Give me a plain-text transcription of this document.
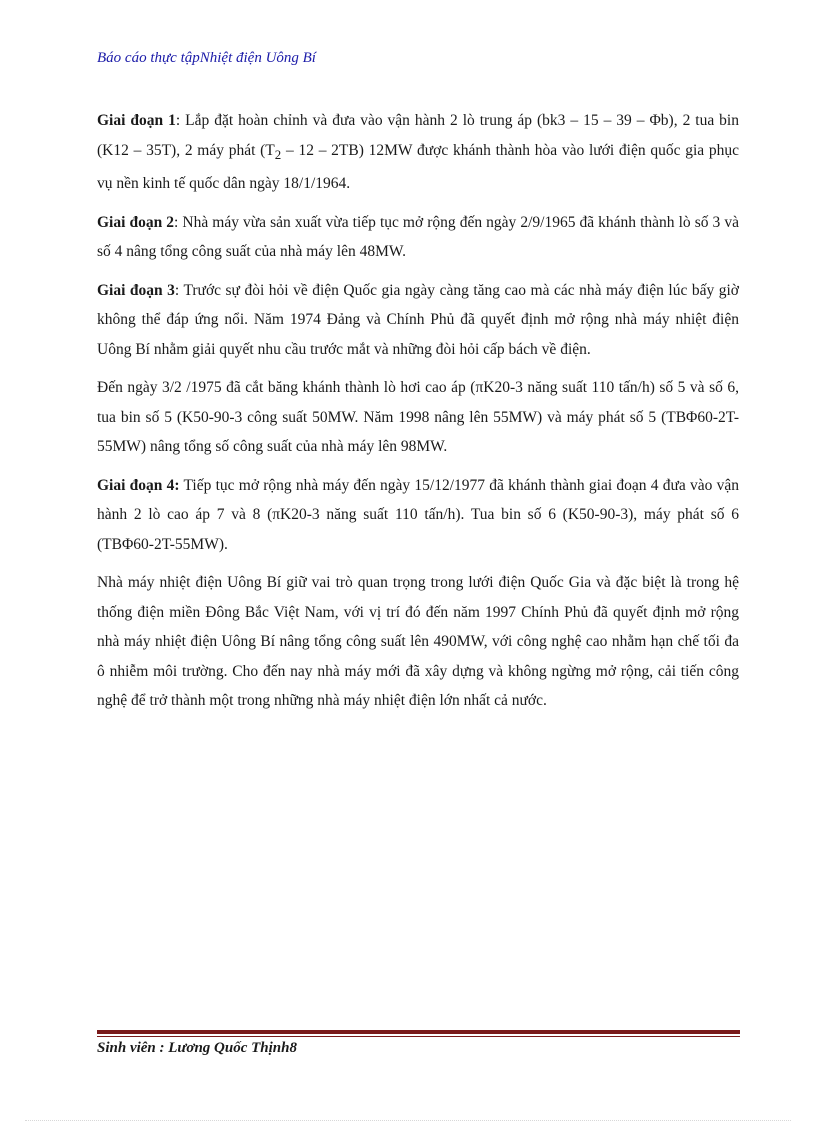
Báo cáo thực tậpNhiệt điện Uông Bí

Giai đoạn 1: Lắp đặt hoàn chỉnh và đưa vào vận hành 2 lò trung áp (bk3 – 15 – 39 – Φb), 2 tua bin (K12 – 35T), 2 máy phát $(T_2 - 12 - 2TB)$ 12MW được khánh thành hòa vào lưới điện quốc gia phục vụ nền kinh tế quốc dân ngày 18/1/1964.

Giai đoạn 2: Nhà máy vừa sản xuất vừa tiếp tục mở rộng đến ngày 2/9/1965 đã khánh thành lò số 3 và số 4 nâng tổng công suất của nhà máy lên 48MW.

Giai đoạn 3: Trước sự đòi hỏi về điện Quốc gia ngày càng tăng cao mà các nhà máy điện lúc bấy giờ không thể đáp ứng nổi. Năm 1974 Đảng và Chính Phủ đã quyết định mở rộng nhà máy nhiệt điện Uông Bí nhằm giải quyết nhu cầu trước mắt và những đòi hỏi cấp bách về điện.

Đến ngày 3/2 /1975 đã cắt băng khánh thành lò hơi cao áp (πK20-3 năng suất 110 tấn/h) số 5 và số 6, tua bin số 5 (K50-90-3 công suất 50MW. Năm 1998 nâng lên 55MW) và máy phát số 5 (TBΦ60-2T-55MW) nâng tổng số công suất của nhà máy lên 98MW.

Giai đoạn 4: Tiếp tục mở rộng nhà máy đến ngày 15/12/1977 đã khánh thành giai đoạn 4 đưa vào vận hành 2 lò cao áp 7 và 8 (πK20-3 năng suất 110 tấn/h). Tua bin số 6 (K50-90-3), máy phát số 6 (TBΦ60-2T-55MW).

Nhà máy nhiệt điện Uông Bí giữ vai trò quan trọng trong lưới điện Quốc Gia và đặc biệt là trong hệ thống điện miền Đông Bắc Việt Nam, với vị trí đó đến năm 1997 Chính Phủ đã quyết định mở rộng nhà máy nhiệt điện Uông Bí nâng tổng công suất lên 490MW, với công nghệ cao nhằm hạn chế tối đa ô nhiễm môi trường. Cho đến nay nhà máy mới đã xây dựng và không ngừng mở rộng, cải tiến công nghệ để trở thành một trong những nhà máy nhiệt điện lớn nhất cả nước.

Sinh viên : Lương Quốc Thịnh8
